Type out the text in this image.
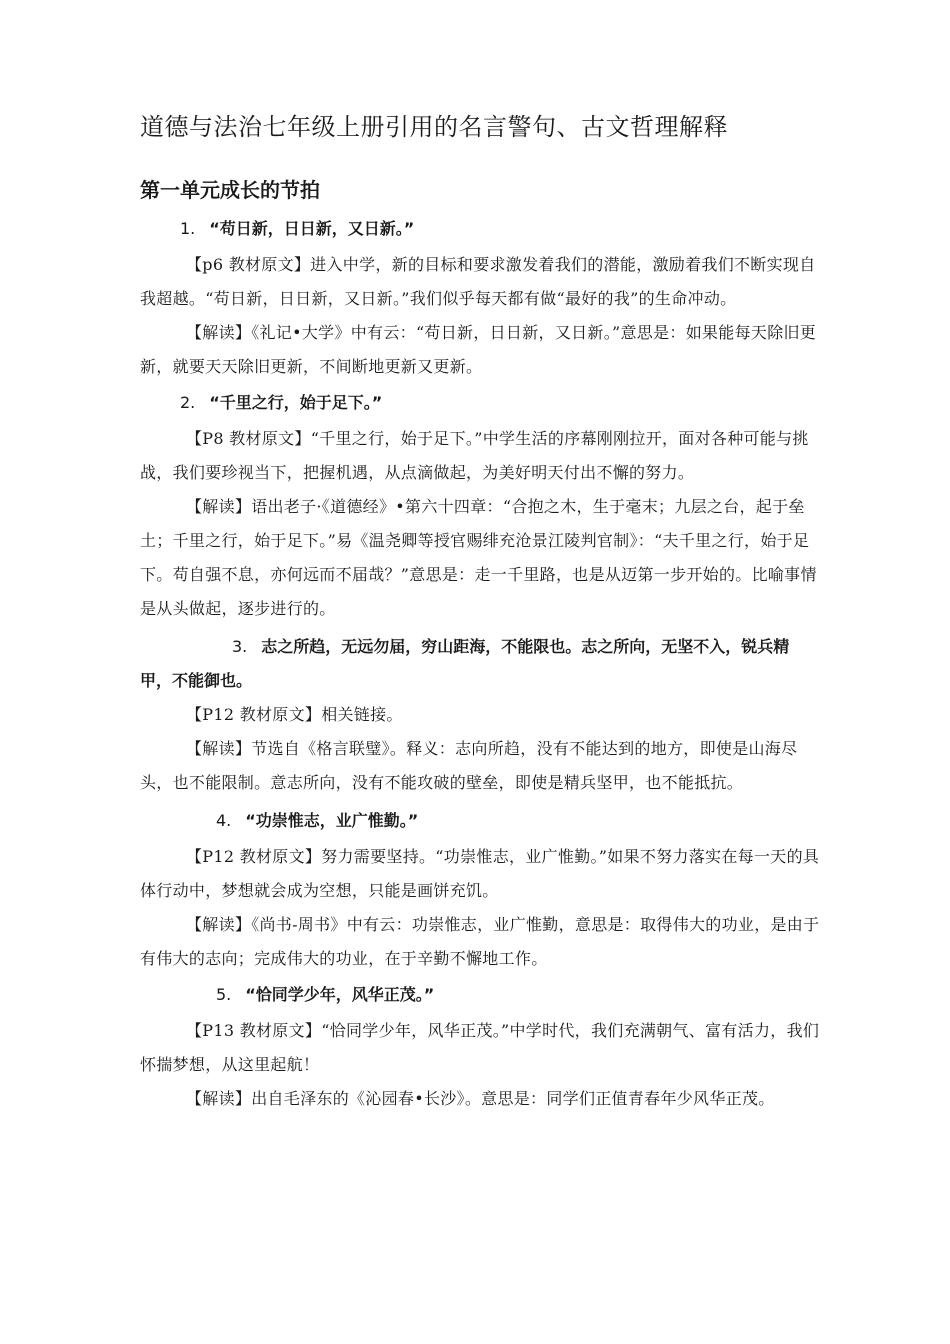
道德与法治七年级上册引用的名言警句、古文哲理解释
第一单元成长的节拍

1. “苟日新，日日新，又日新。”

【p6 教材原文】进入中学，新的目标和要求激发着我们的潜能，激励着我们不断实现自我超越。“苟日新，日日新，又日新。”我们似乎每天都有做“最好的我”的生命冲动。

【解读】《礼记•大学》中有云：“苟日新，日日新，又日新。”意思是：如果能每天除旧更新，就要天天除旧更新，不间断地更新又更新。

2. “千里之行，始于足下。”

【P8 教材原文】“千里之行，始于足下。”中学生活的序幕刚刚拉开，面对各种可能与挑战，我们要珍视当下，把握机遇，从点滴做起，为美好明天付出不懈的努力。

【解读】语出老子·《道德经》•第六十四章：“合抱之木，生于毫末；九层之台，起于垒土；千里之行，始于足下。”易《温尧卿等授官赐绯充沧景江陵判官制》：“夫千里之行，始于足下。苟自强不息，亦何远而不届哉？”意思是：走一千里路，也是从迈第一步开始的。比喻事情是从头做起，逐步进行的。

3. 志之所趋，无远勿届，穷山距海，不能限也。志之所向，无坚不入，锐兵精甲，不能御也。

【P12 教材原文】相关链接。

【解读】节选自《格言联璧》。释义：志向所趋，没有不能达到的地方，即使是山海尽头，也不能限制。意志所向，没有不能攻破的壁垒，即使是精兵坚甲，也不能抵抗。

4. “功崇惟志，业广惟勤。”

【P12 教材原文】努力需要坚持。“功崇惟志，业广惟勤。”如果不努力落实在每一天的具体行动中，梦想就会成为空想，只能是画饼充饥。

【解读】《尚书-周书》中有云：功崇惟志，业广惟勤，意思是：取得伟大的功业，是由于有伟大的志向；完成伟大的功业，在于辛勤不懈地工作。

5. “恰同学少年，风华正茂。”

【P13 教材原文】“恰同学少年，风华正茂。”中学时代，我们充满朝气、富有活力，我们怀揣梦想，从这里起航！

【解读】出自毛泽东的《沁园春•长沙》。意思是：同学们正值青春年少风华正茂。
